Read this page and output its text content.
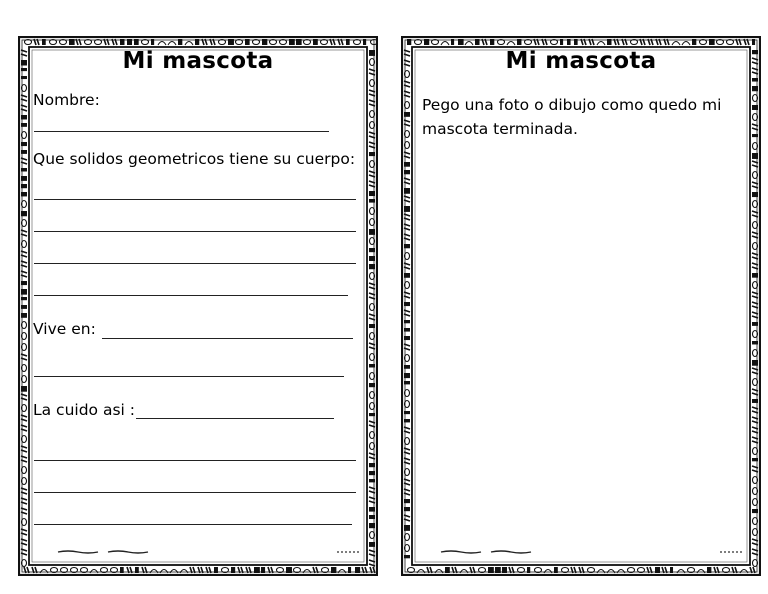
Mi mascota
Nombre:
Que solidos geometricos tiene su cuerpo:
Vive en:
La cuido asi :
Mi mascota
Pego una foto o dibujo como quedo mi mascota terminada.
